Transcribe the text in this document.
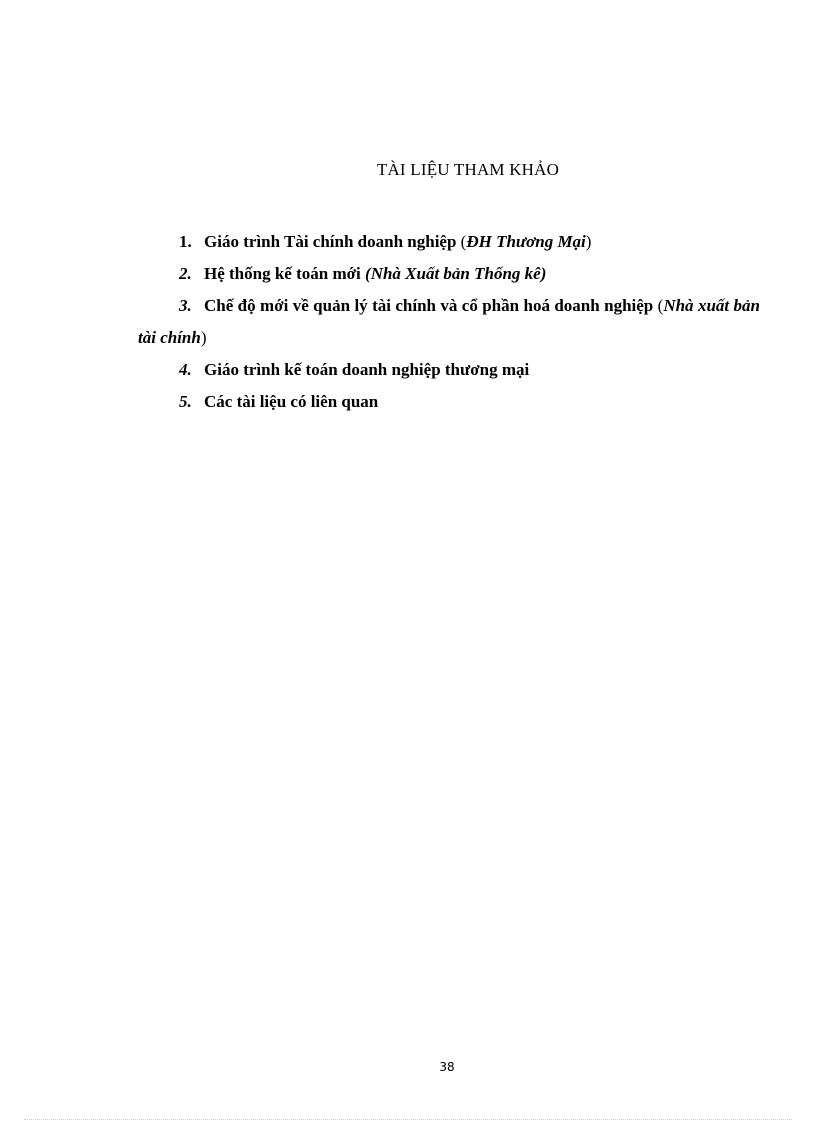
TÀI LIỆU THAM KHẢO

1. Giáo trình Tài chính doanh nghiệp (ĐH Thương Mại)

2. Hệ thống kế toán mới (Nhà Xuất bản Thống kê)

3. Chế độ mới về quản lý tài chính và cổ phần hoá doanh nghiệp (Nhà xuất bản tài chính)

4. Giáo trình kế toán doanh nghiệp thương mại

5. Các tài liệu có liên quan

38
